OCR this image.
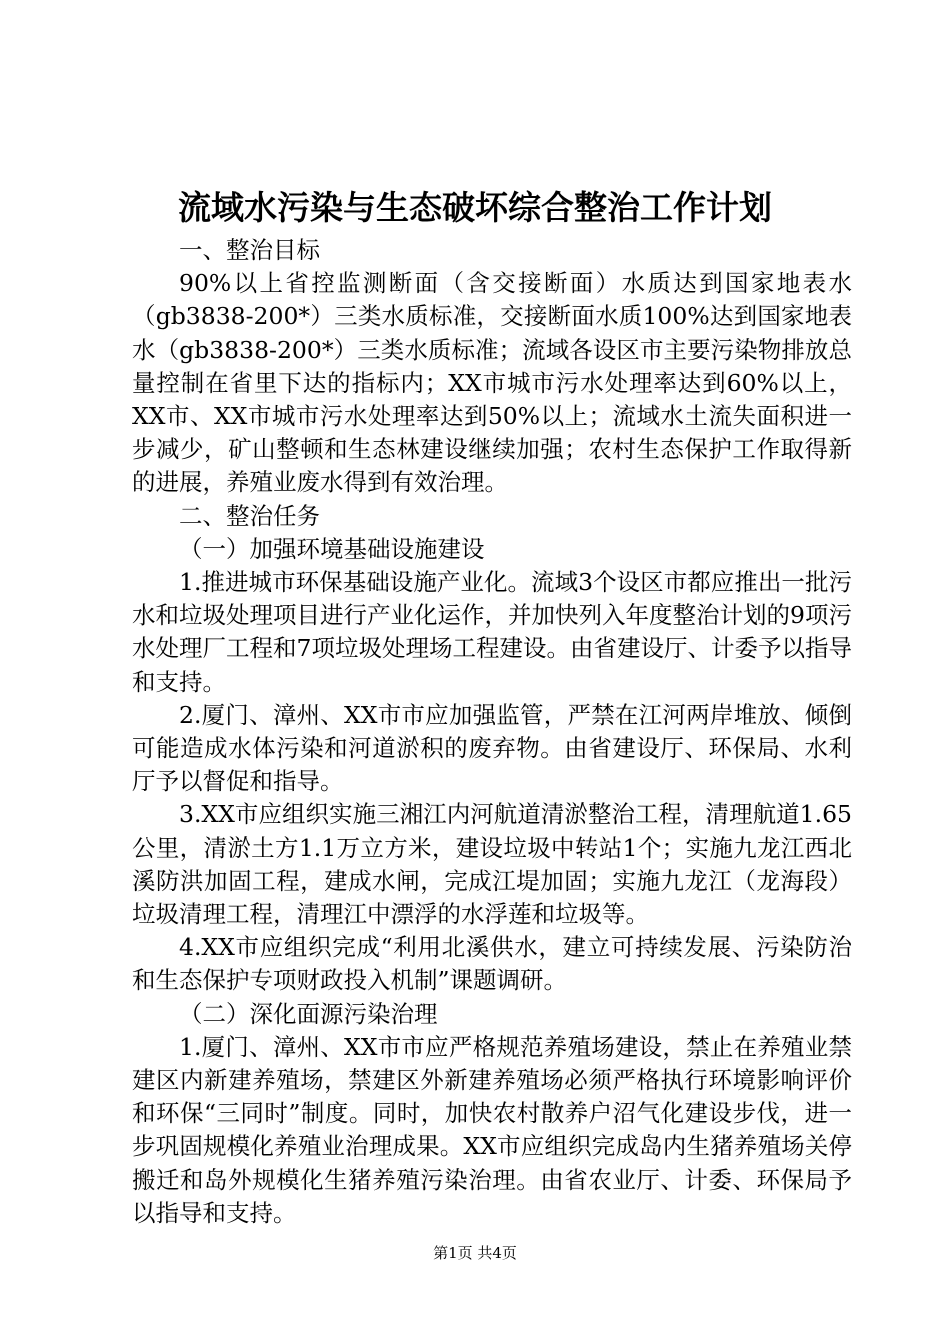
流域水污染与生态破坏综合整治工作计划

一、整治目标

90%以上省控监测断面（含交接断面）水质达到国家地表水（gb3838-200*）三类水质标准，交接断面水质100%达到国家地表水（gb3838-200*）三类水质标准；流域各设区市主要污染物排放总量控制在省里下达的指标内；XX市城市污水处理率达到60%以上，XX市、XX市城市污水处理率达到50%以上；流域水土流失面积进一步减少，矿山整顿和生态林建设继续加强；农村生态保护工作取得新的进展，养殖业废水得到有效治理。

二、整治任务

（一）加强环境基础设施建设

1.推进城市环保基础设施产业化。流域3个设区市都应推出一批污水和垃圾处理项目进行产业化运作，并加快列入年度整治计划的9项污水处理厂工程和7项垃圾处理场工程建设。由省建设厅、计委予以指导和支持。

2.厦门、漳州、XX市市应加强监管，严禁在江河两岸堆放、倾倒可能造成水体污染和河道淤积的废弃物。由省建设厅、环保局、水利厅予以督促和指导。

3.XX市应组织实施三湘江内河航道清淤整治工程，清理航道1.65公里，清淤土方1.1万立方米，建设垃圾中转站1个；实施九龙江西北溪防洪加固工程，建成水闸，完成江堤加固；实施九龙江（龙海段）垃圾清理工程，清理江中漂浮的水浮莲和垃圾等。

4.XX市应组织完成“利用北溪供水，建立可持续发展、污染防治和生态保护专项财政投入机制”课题调研。

（二）深化面源污染治理

1.厦门、漳州、XX市市应严格规范养殖场建设，禁止在养殖业禁建区内新建养殖场，禁建区外新建养殖场必须严格执行环境影响评价和环保“三同时”制度。同时，加快农村散养户沼气化建设步伐，进一步巩固规模化养殖业治理成果。XX市应组织完成岛内生猪养殖场关停搬迁和岛外规模化生猪养殖污染治理。由省农业厅、计委、环保局予以指导和支持。

第1页 共4页
